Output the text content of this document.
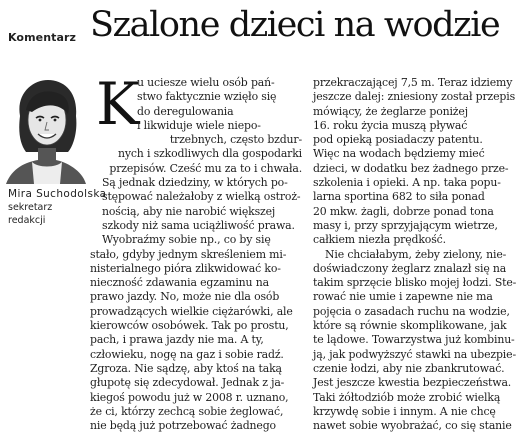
Komentarz Szalone dzieci na wodzie
Mira Suchodolska
sekretarz
redakcji
K
u uciesze wielu osób pań-
stwo faktycznie wzięło się
do deregulowania
i likwiduje wiele niepo-
trzebnych, często bzdur-
nych i szkodliwych dla gospodarki
przepisów. Cześć mu za to i chwała.
Są jednak dziedziny, w których po-
stępować należałoby z wielką ostroż-
nością, aby nie narobić większej
szkody niż sama uciążliwość prawa.
Wyobraźmy sobie np., co by się
stało, gdyby jednym skreśleniem mi-
nisterialnego pióra zlikwidować ko-
nieczność zdawania egzaminu na
prawo jazdy. No, może nie dla osób
prowadzących wielkie ciężarówki, ale
kierowców osobówek. Tak po prostu,
pach, i prawa jazdy nie ma. A ty,
człowieku, nogę na gaz i sobie radź.
Zgroza. Nie sądzę, aby ktoś na taką
głupotę się zdecydował. Jednak z ja-
kiegoś powodu już w 2008 r. uznano,
że ci, którzy zechcą sobie żeglować,
nie będą już potrzebować żadnego
przekraczającej 7,5 m. Teraz idziemy
jeszcze dalej: zniesiony został przepis
mówiący, że żeglarze poniżej
16. roku życia muszą pływać
pod opieką posiadaczy patentu.
Więc na wodach będziemy mieć
dzieci, w dodatku bez żadnego prze-
szkolenia i opieki. A np. taka popu-
larna sportina 682 to siła ponad
20 mkw. żagli, dobrze ponad tona
masy i, przy sprzyjającym wietrze,
całkiem niezła prędkość.
Nie chciałabym, żeby zielony, nie-
doświadczony żeglarz znalazł się na
takim sprzęcie blisko mojej łodzi. Ste-
rować nie umie i zapewne nie ma
pojęcia o zasadach ruchu na wodzie,
które są równie skomplikowane, jak
te lądowe. Towarzystwa już kombinu-
ją, jak podwyższyć stawki na ubezpie-
czenie łodzi, aby nie zbankrutować.
Jest jeszcze kwestia bezpieczeństwa.
Taki żółtodziób może zrobić wielką
krzywdę sobie i innym. A nie chcę
nawet sobie wyobrażać, co się stanie
